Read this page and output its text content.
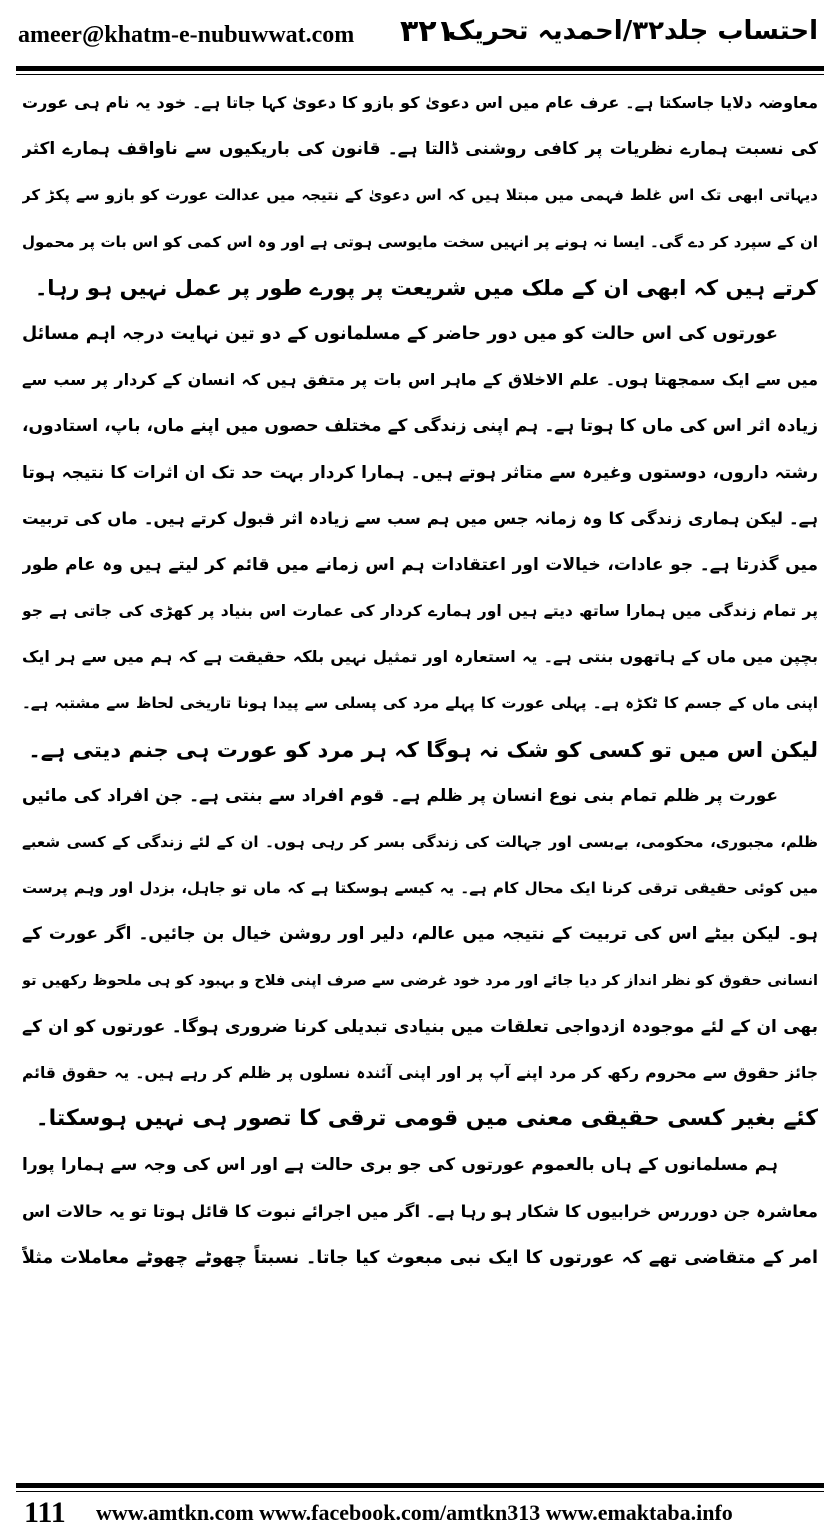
ameer@khatm-e-nubuwwat.com ۳۲۱
احتساب جلد۳۲/احمدیہ تحریک
معاوضہ دلایا جاسکتا ہے۔ عرف عام میں اس دعویٰ کو بازو کا دعویٰ کہا جاتا ہے۔ خود یہ نام ہی عورت
کی نسبت ہمارے نظریات پر کافی روشنی ڈالتا ہے۔ قانون کی باریکیوں سے ناواقف ہمارے اکثر
دیہاتی ابھی تک اس غلط فہمی میں مبتلا ہیں کہ اس دعویٰ کے نتیجہ میں عدالت عورت کو بازو سے پکڑ کر
ان کے سپرد کر دے گی۔ ایسا نہ ہونے پر انہیں سخت مایوسی ہوتی ہے اور وہ اس کمی کو اس بات پر محمول
کرتے ہیں کہ ابھی ان کے ملک میں شریعت پر پورے طور پر عمل نہیں ہو رہا۔
عورتوں کی اس حالت کو میں دور حاضر کے مسلمانوں کے دو تین نہایت درجہ اہم مسائل
میں سے ایک سمجھتا ہوں۔ علم الاخلاق کے ماہر اس بات پر متفق ہیں کہ انسان کے کردار پر سب سے
زیادہ اثر اس کی ماں کا ہوتا ہے۔ ہم اپنی زندگی کے مختلف حصوں میں اپنے ماں، باپ، استادوں،
رشتہ داروں، دوستوں وغیرہ سے متاثر ہوتے ہیں۔ ہمارا کردار بہت حد تک ان اثرات کا نتیجہ ہوتا
ہے۔ لیکن ہماری زندگی کا وہ زمانہ جس میں ہم سب سے زیادہ اثر قبول کرتے ہیں۔ ماں کی تربیت
میں گذرتا ہے۔ جو عادات، خیالات اور اعتقادات ہم اس زمانے میں قائم کر لیتے ہیں وہ عام طور
پر تمام زندگی میں ہمارا ساتھ دیتے ہیں اور ہمارے کردار کی عمارت اس بنیاد پر کھڑی کی جاتی ہے جو
بچپن میں ماں کے ہاتھوں بنتی ہے۔ یہ استعارہ اور تمثیل نہیں بلکہ حقیقت ہے کہ ہم میں سے ہر ایک
اپنی ماں کے جسم کا ٹکڑہ ہے۔ پہلی عورت کا پہلے مرد کی پسلی سے پیدا ہونا تاریخی لحاظ سے مشتبہ ہے۔
لیکن اس میں تو کسی کو شک نہ ہوگا کہ ہر مرد کو عورت ہی جنم دیتی ہے۔
عورت پر ظلم تمام بنی نوع انسان پر ظلم ہے۔ قوم افراد سے بنتی ہے۔ جن افراد کی مائیں
ظلم، مجبوری، محکومی، بےبسی اور جہالت کی زندگی بسر کر رہی ہوں۔ ان کے لئے زندگی کے کسی شعبے
میں کوئی حقیقی ترقی کرنا ایک محال کام ہے۔ یہ کیسے ہوسکتا ہے کہ ماں تو جاہل، بزدل اور وہم پرست
ہو۔ لیکن بیٹے اس کی تربیت کے نتیجہ میں عالم، دلیر اور روشن خیال بن جائیں۔ اگر عورت کے
انسانی حقوق کو نظر انداز کر دیا جائے اور مرد خود غرضی سے صرف اپنی فلاح و بہبود کو ہی ملحوظ رکھیں تو
بھی ان کے لئے موجودہ ازدواجی تعلقات میں بنیادی تبدیلی کرنا ضروری ہوگا۔ عورتوں کو ان کے
جائز حقوق سے محروم رکھ کر مرد اپنے آپ پر اور اپنی آئندہ نسلوں پر ظلم کر رہے ہیں۔ یہ حقوق قائم
کئے بغیر کسی حقیقی معنی میں قومی ترقی کا تصور ہی نہیں ہوسکتا۔
ہم مسلمانوں کے ہاں بالعموم عورتوں کی جو بری حالت ہے اور اس کی وجہ سے ہمارا پورا
معاشرہ جن دوررس خرابیوں کا شکار ہو رہا ہے۔ اگر میں اجرائے نبوت کا قائل ہوتا تو یہ حالات اس
امر کے متقاضی تھے کہ عورتوں کا ایک نبی مبعوث کیا جاتا۔ نسبتاً چھوٹے چھوٹے معاملات مثلاً
111 www.amtkn.com www.facebook.com/amtkn313 www.emaktaba.info
